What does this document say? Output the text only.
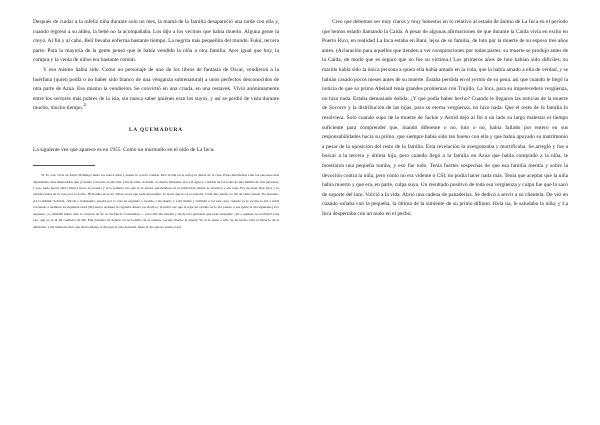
Después de cuidar a la infeliz niña durante solo un mes, la mamá de la familia desapareció una tarde con ella y, cuando regresó a su aldea, la bebé no la acompañaba. Los dijo a los vecinos que había muerto. Alguna gente la creyó. Al fin y al cabo, Beli llevaba enferma bastante tiempo. La negrita más pequeñita del mundo. Fukú, tercera parte. Para la mayoría de la gente pensó que le había vendido la niña a otra familia. Ayer igual que hoy, la compra y la venta de niños era bastante común.

Y eso mismo había sido. Como un personaje de uno de los libros de fantasía de Oscar, vendieron a la huérfana (quien podía o no haber sido blanco de una venganza sobrenatural) a unos perfectos desconocidos de otra parte de Azua. Eso mismo la vendieron. Se convirtió en una criada, en una restavek. Vivió anónimamente entre los sectores más pobres de la isla, sin nunca saber quiénes eran los suyos, y así se perdió de vista durante mucho, mucho tiempo.$^{31}$

LA QUEMADURA

La siguiente vez que aparece es en 1955. Como un murmullo en el oído de La Inca.

31 Yo solo vivía en Santo Domingo hasta los nueve años y anuna tu conocí criadas. Dos vivían en el solloj/os detrás de la casa. Estas muchachas eran las personas más deprimidas, más maltratadas que yo había conocido en mi vida. Una de ellas, Sobrida, cocinaba, limpiaba, iba a el agua y a subida de los botes de una familia de seis personas, y solo tenía nueve años! Nunca fuese la escuela y si la primera vez que la vi estaba ejerciéndose en la habitación detrás de nosotros y sin ropa. Era de tener diez años y se cuidaba fuera de la casa, por la noche. Ni lloraba ni se rió. Otras veces que salía del pueblo, se decía que no se le sentaba. Cada día cuando yo iba de visita donde Tío Antonio, era la misma: Sobrida, callada y trabajando, pasaba por la casa en segundo o cuando a mi abuelo y a mi mamá y también a ver una casa, cuando yo le tocaba se iba a subir corriendo a terminar su siguiente tarea (M) nunca siempre le regalaba dinero en efectivo; la única vez que la traje un vestido se lo vio puesto a esa gente al día siguiente.) Por supuesto, yo también había oído la canción de Yo no Sé Decir: Consentido—, pero ella me miraba y decía rara personas que eran estúpidas. ¿Oí a quiénes le escribiré? Una vez, que yo le di mi camiseta de Mr. Ella pensaba en dejarlo en su bolsillo de la camisa, porque mucho la quería. Yo sí la quise a ella. Se ha hecho vida el silencio de la ambición, y mi memoria dice que ahora mismo el día que la veía desnuda, hasta le dio que no estaba aquí.

Creo que debemos ser muy claros y muy honestos en lo relativo al estado de ánimo de La Inca en el período que hemos estado llamando la Caída. A pesar de algunas afirmaciones de que durante la Caída vivía en exilio en Puerto Rico, en realidad La Inca estaba en Baní, lejos de su familia, de luto por la muerte de su esposo tres años antes. (Aclaración para aquellos que tienden a ver conspiraciones por todas partes: su muerte se produjo antes de la Caída, de modo que es seguro que no fue su víctima.) Los primeros años de luto habían sido difíciles; su marido había sido la única persona a quien ella había amado en la vida, que la había amado a ella de verdad, y se habían casado pocos meses antes de su muerte. Estaba perdida en el yermo de su pena, así que cuando le llegó la noticia de que su primo Abelard tenía grandes problemas con Trujillo, La Inca, para su imperecedera vergüenza, no hizo nada. Estaba demasiado dolida. ¿Y qué podía haber hecho? Cuando le llegaron las noticias de la muerte de Socorro y la distribución de las hijas, para su eterna vergüenza, no hizo nada. Que el resto de la familia lo resolviera. Solo cuando supo de la muerte de Jackie y Astrid dejó al fin a un lado su largo malestar el tiempo suficiente para comprender que, mandó diferente o no, luto o no, había fallado por entero en sus responsabilidades hacia su primo, que siempre había sido tan bueno con ella y que había apoyado su matrimonio a pesar de la oposición del resto de la familia. Esta revelación la avergonzaba y mortificaba. Se arregló y fue a buscar a la tercera y última hija, pero cuando llegó a la familia en Azua que había comprado a la niña, le mostraron una pequeña tumba, y eso fue todo. Tenía fuertes sospechas de que esa familia mentía y sobre la devoción contra la niña, pero como no era vidente o CSI, no podía hacer nada más. Tenía que aceptar que la niña había muerto y que era, en parte, culpa suya. Un resultado positivo de toda esa vergüenza y culpa fue que la sacó de soporte del luto. Volvió a la vida. Abrió una cadena de panaderías. Se dedicó a servir a su clientela. De vez en cuando soñaba con la pequeña, la última de la simiente de su primo difunto. Hola tía, le saludaba la niña, y La Inca despertaba con un nudo en el pecho.
